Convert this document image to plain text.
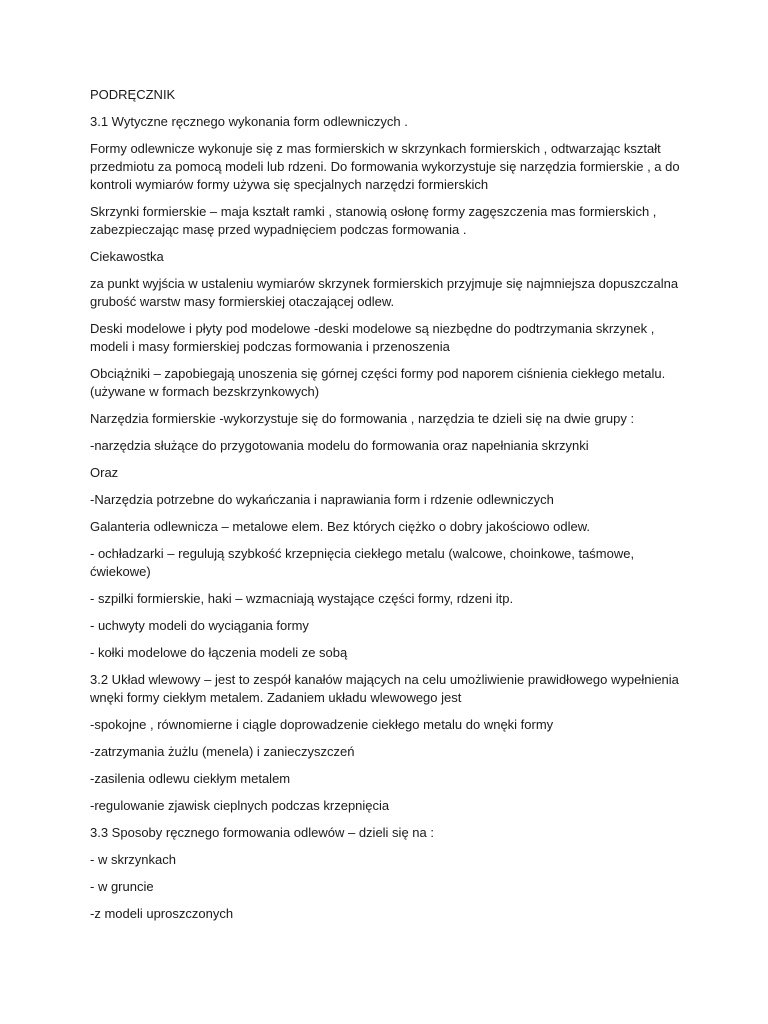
PODRĘCZNIK

3.1 Wytyczne ręcznego wykonania form odlewniczych .

Formy odlewnicze wykonuje się z mas formierskich w skrzynkach formierskich , odtwarzając kształt przedmiotu za pomocą modeli lub rdzeni. Do formowania wykorzystuje się narzędzia formierskie , a do kontroli wymiarów formy używa się specjalnych narzędzi formierskich

Skrzynki formierskie – maja kształt ramki , stanowią osłonę formy zagęszczenia mas formierskich , zabezpieczając masę przed wypadnięciem podczas formowania .

Ciekawostka

za punkt wyjścia w ustaleniu wymiarów skrzynek formierskich przyjmuje się najmniejsza dopuszczalna grubość warstw masy formierskiej otaczającej odlew.

Deski modelowe i płyty pod modelowe -deski modelowe są niezbędne do podtrzymania skrzynek , modeli i masy formierskiej podczas formowania i przenoszenia

Obciążniki – zapobiegają unoszenia się górnej części formy pod naporem ciśnienia ciekłego metalu. (używane w formach bezskrzynkowych)

Narzędzia formierskie -wykorzystuje się do formowania , narzędzia te dzieli się na dwie grupy :

-narzędzia służące do przygotowania modelu do formowania oraz napełniania skrzynki

Oraz

-Narzędzia potrzebne do wykańczania i naprawiania form i rdzenie odlewniczych

Galanteria odlewnicza – metalowe elem. Bez których ciężko o dobry jakościowo odlew.

- ochładzarki – regulują szybkość krzepnięcia ciekłego metalu (walcowe, choinkowe, taśmowe, ćwiekowe)

- szpilki formierskie, haki – wzmacniają wystające części formy, rdzeni itp.

- uchwyty modeli do wyciągania formy

- kołki modelowe do łączenia modeli ze sobą

3.2 Układ wlewowy – jest to zespół kanałów mających na celu umożliwienie prawidłowego wypełnienia wnęki formy ciekłym metalem. Zadaniem układu wlewowego jest

-spokojne , równomierne i ciągle doprowadzenie ciekłego metalu do wnęki formy

-zatrzymania żużlu (menela) i zanieczyszczeń

-zasilenia odlewu ciekłym metalem

-regulowanie zjawisk cieplnych podczas krzepnięcia

3.3 Sposoby ręcznego formowania odlewów – dzieli się na :

- w skrzynkach

- w gruncie

-z modeli uproszczonych
